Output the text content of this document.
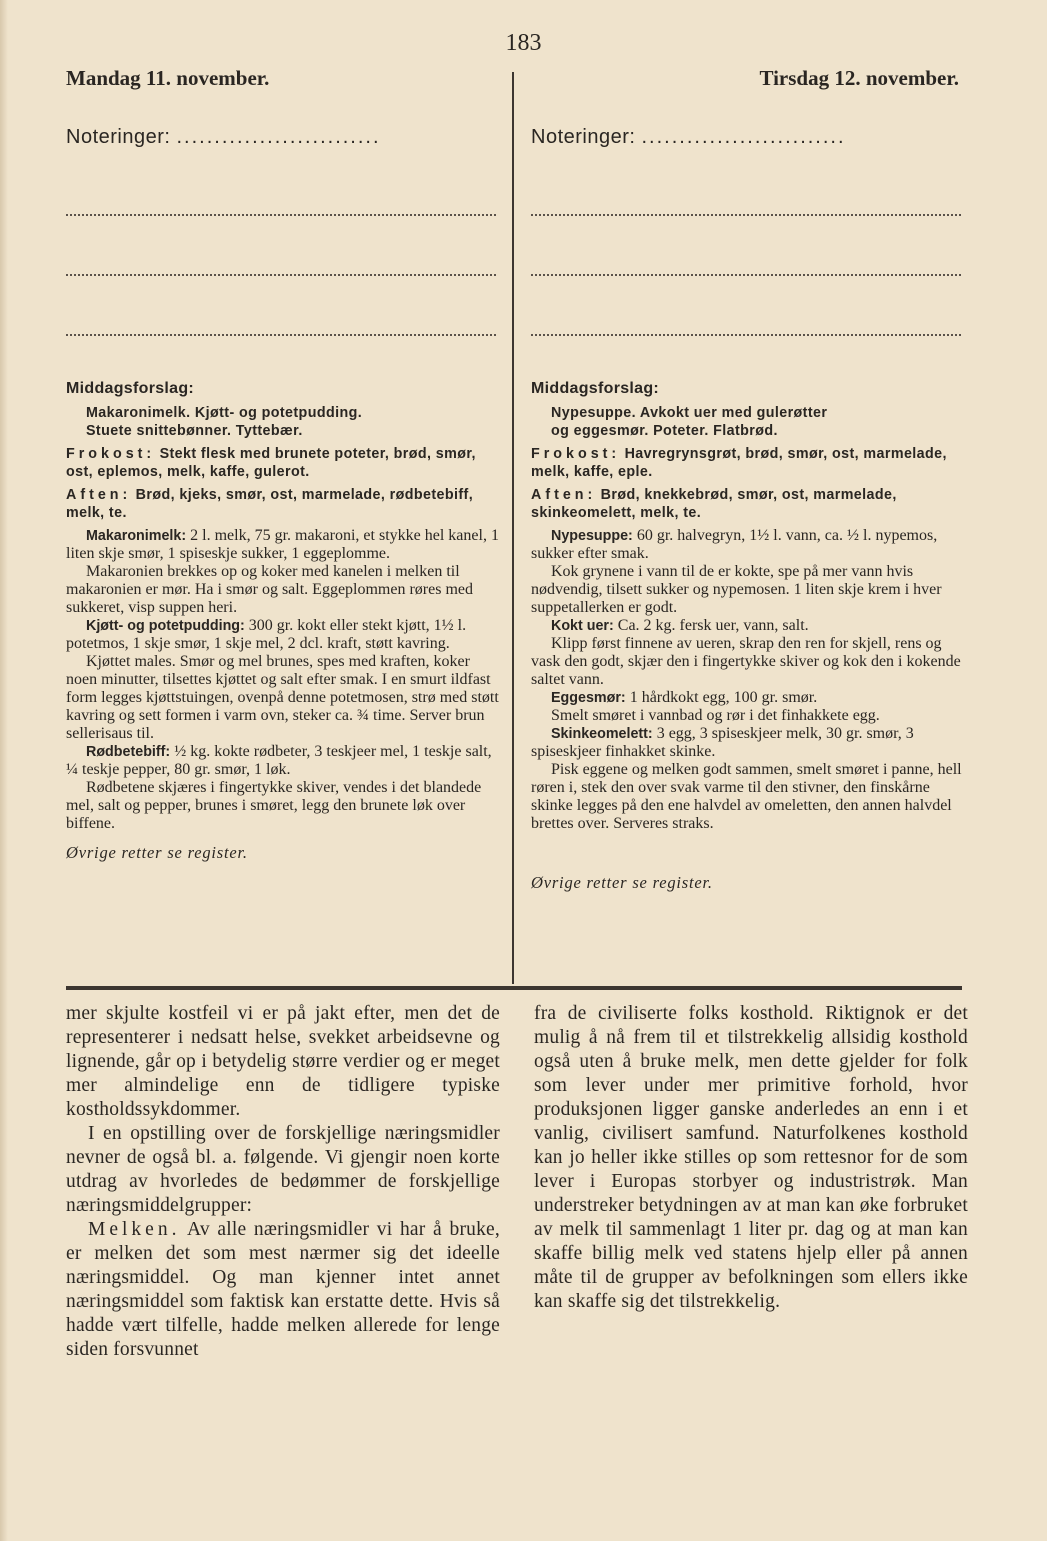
183
Mandag 11. november.	Tirsdag 12. november.
Noteringer: ...........................
Middagsforslag:

Makaronimelk. Kjøtt- og potetpudding.

Stuete snittebønner. Tyttebær.

Frokost: Stekt flesk med brunete poteter, brød, smør, ost, eplemos, melk, kaffe, gulerot.

Aften: Brød, kjeks, smør, ost, marmelade, rødbetebiff, melk, te.

Makaronimelk: 2 l. melk, 75 gr. makaroni, et stykke hel kanel, 1 liten skje smør, 1 spiseskje sukker, 1 eggeplomme.

Makaronien brekkes op og koker med kanelen i melken til makaronien er mør. Ha i smør og salt. Eggeplommen røres med sukkeret, visp suppen heri.

Kjøtt- og potetpudding: 300 gr. kokt eller stekt kjøtt, 1½ l. potetmos, 1 skje smør, 1 skje mel, 2 dcl. kraft, støtt kavring.

Kjøttet males. Smør og mel brunes, spes med kraften, koker noen minutter, tilsettes kjøttet og salt efter smak. I en smurt ildfast form legges kjøttstuingen, ovenpå denne potetmosen, strø med støtt kavring og sett formen i varm ovn, steker ca. ¾ time. Server brun sellerisaus til.

Rødbetebiff: ½ kg. kokte rødbeter, 3 teskjeer mel, 1 teskje salt, ¼ teskje pepper, 80 gr. smør, 1 løk.

Rødbetene skjæres i fingertykke skiver, vendes i det blandede mel, salt og pepper, brunes i smøret, legg den brunete løk over biffene.

Øvrige retter se register.
Noteringer: ...........................
Middagsforslag:

Nypesuppe. Avkokt uer med gulerøtter

og eggesmør. Poteter. Flatbrød.

Frokost: Havregrynsgrøt, brød, smør, ost, marmelade, melk, kaffe, eple.

Aften: Brød, knekkebrød, smør, ost, marmelade, skinkeomelett, melk, te.

Nypesuppe: 60 gr. halvegryn, 1½ l. vann, ca. ½ l. nypemos, sukker efter smak.

Kok grynene i vann til de er kokte, spe på mer vann hvis nødvendig, tilsett sukker og nypemosen. 1 liten skje krem i hver suppetallerken er godt.

Kokt uer: Ca. 2 kg. fersk uer, vann, salt.

Klipp først finnene av ueren, skrap den ren for skjell, rens og vask den godt, skjær den i fingertykke skiver og kok den i kokende saltet vann.

Eggesmør: 1 hårdkokt egg, 100 gr. smør.

Smelt smøret i vannbad og rør i det finhakkete egg.

Skinkeomelett: 3 egg, 3 spiseskjeer melk, 30 gr. smør, 3 spiseskjeer finhakket skinke.

Pisk eggene og melken godt sammen, smelt smøret i panne, hell røren i, stek den over svak varme til den stivner, den finskårne skinke legges på den ene halvdel av omeletten, den annen halvdel brettes over. Serveres straks.

Øvrige retter se register.

mer skjulte kostfeil vi er på jakt efter, men det de representerer i nedsatt helse, svekket arbeidsevne og lignende, går op i betydelig større verdier og er meget mer almindelige enn de tidligere typiske kostholdssykdommer.

I en opstilling over de forskjellige næringsmidler nevner de også bl. a. følgende. Vi gjengir noen korte utdrag av hvorledes de bedømmer de forskjellige næringsmiddelgrupper:

Melken. Av alle næringsmidler vi har å bruke, er melken det som mest nærmer sig det ideelle næringsmiddel. Og man kjenner intet annet næringsmiddel som faktisk kan erstatte dette. Hvis så hadde vært tilfelle, hadde melken allerede for lenge siden forsvunnet

fra de civiliserte folks kosthold. Riktignok er det mulig å nå frem til et tilstrekkelig allsidig kosthold også uten å bruke melk, men dette gjelder for folk som lever under mer primitive forhold, hvor produksjonen ligger ganske anderledes an enn i et vanlig, civilisert samfund. Naturfolkenes kosthold kan jo heller ikke stilles op som rettesnor for de som lever i Europas storbyer og industristrøk. Man understreker betydningen av at man kan øke forbruket av melk til sammenlagt 1 liter pr. dag og at man kan skaffe billig melk ved statens hjelp eller på annen måte til de grupper av befolkningen som ellers ikke kan skaffe sig det tilstrekkelig.
